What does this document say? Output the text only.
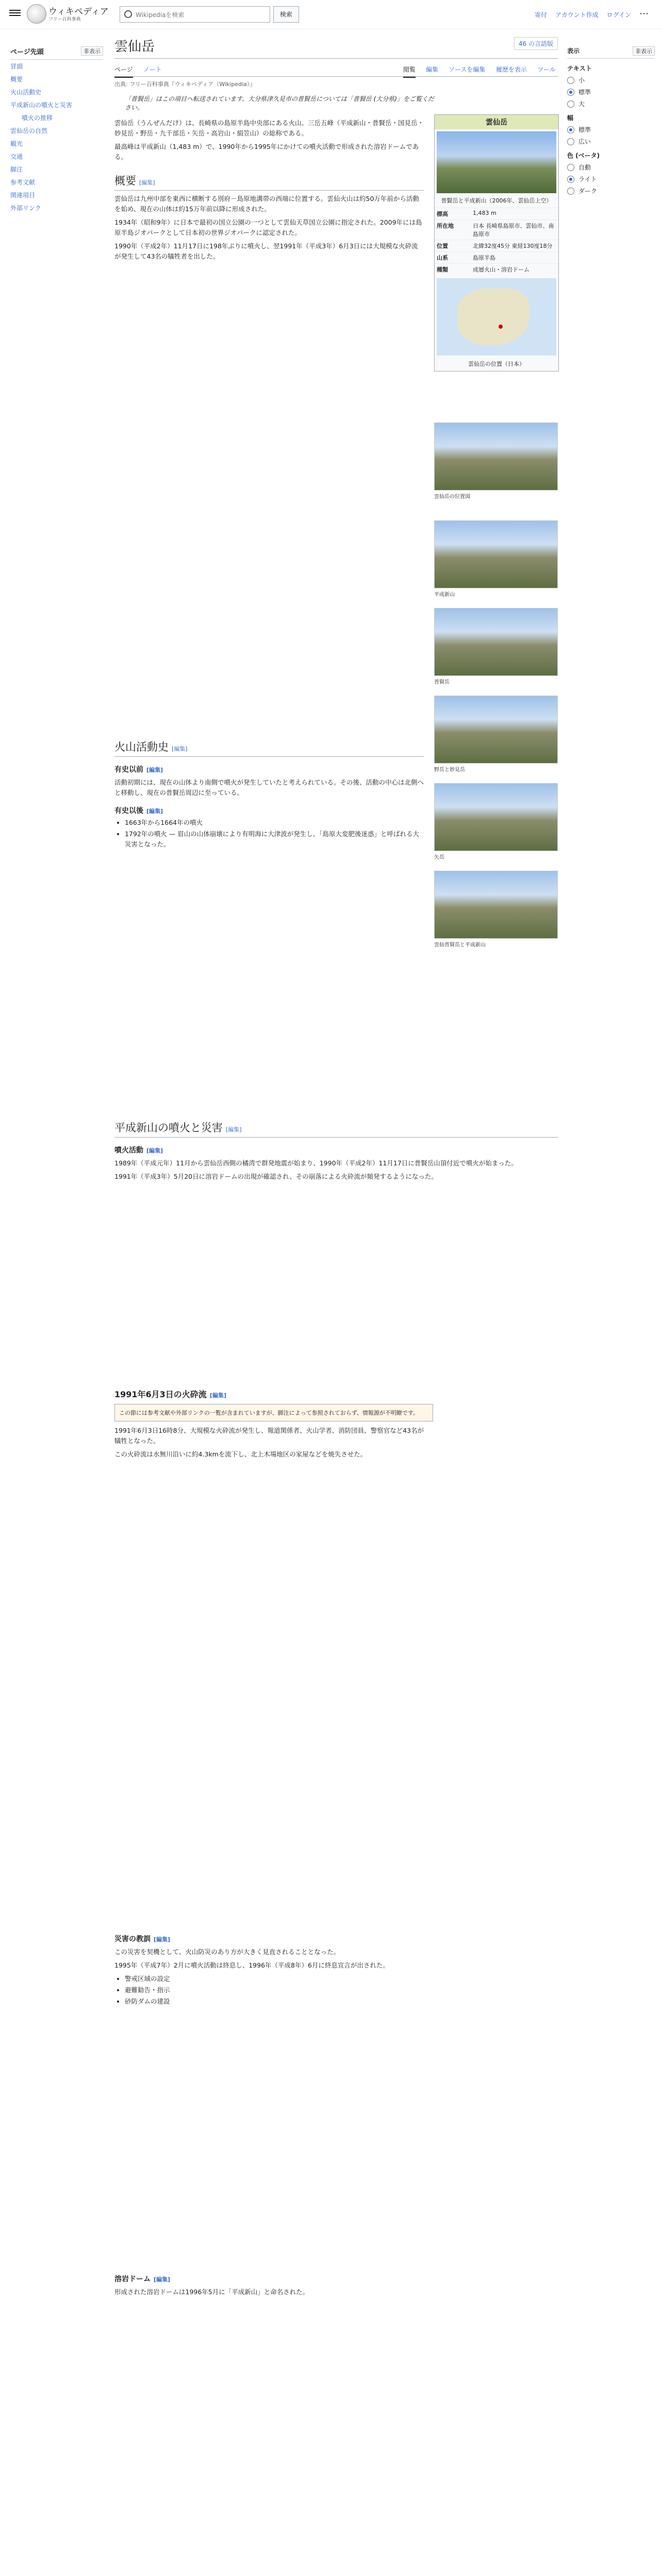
ウィキペディア
フリー百科事典
Wikipediaを検索	検索	寄付 アカウント作成 ログイン ⋯
ページ先頭	非表示
冒頭
概要
火山活動史
平成新山の噴火と災害
噴火の推移
雲仙岳の自然
観光
交通
脚注
参考文献
関連項目
外部リンク
雲仙岳	46 の言語版
ページ ノート	閲覧 編集 ソースを編集 履歴を表示 ツール
出典: フリー百科事典『ウィキペディア（Wikipedia）』
「普賢岳」はこの項目へ転送されています。大分県津久見市の普賢岳については「普賢岳 (大分県)」をご覧ください。

雲仙岳（うんぜんだけ）は、長崎県の島原半島中央部にある火山。三岳五峰（平成新山・普賢岳・国見岳・妙見岳・野岳・九千部岳・矢岳・高岩山・絹笠山）の総称である。

最高峰は平成新山（1,483 m）で、1990年から1995年にかけての噴火活動で形成された溶岩ドームである。

概要 [編集]

雲仙岳は九州中部を東西に横断する別府－島原地溝帯の西端に位置する。雲仙火山は約50万年前から活動を始め、現在の山体は約15万年前以降に形成された。

1934年（昭和9年）に日本で最初の国立公園の一つとして雲仙天草国立公園に指定された。2009年には島原半島ジオパークとして日本初の世界ジオパークに認定された。

1990年（平成2年）11月17日に198年ぶりに噴火し、翌1991年（平成3年）6月3日には大規模な火砕流が発生して43名の犠牲者を出した。

火山活動史 [編集]
有史以前 [編集]

活動初期には、現在の山体より南側で噴火が発生していたと考えられている。その後、活動の中心は北側へと移動し、現在の普賢岳周辺に至っている。

有史以後 [編集]
• 1663年から1664年の噴火
• 1792年の噴火 — 眉山の山体崩壊により有明海に大津波が発生し、「島原大変肥後迷惑」と呼ばれる大災害となった。
平成新山の噴火と災害 [編集]
噴火活動 [編集]

1989年（平成元年）11月から雲仙岳西側の橘湾で群発地震が始まり、1990年（平成2年）11月17日に普賢岳山頂付近で噴火が始まった。

1991年（平成3年）5月20日に溶岩ドームの出現が確認され、その崩落による火砕流が頻発するようになった。

1991年6月3日の火砕流 [編集]
この節には参考文献や外部リンクの一覧が含まれていますが、脚注によって参照されておらず、情報源が不明瞭です。

1991年6月3日16時8分、大規模な火砕流が発生し、報道関係者、火山学者、消防団員、警察官など43名が犠牲となった。

この火砕流は水無川沿いに約4.3kmを流下し、北上木場地区の家屋などを焼失させた。

災害の教訓 [編集]

この災害を契機として、火山防災のあり方が大きく見直されることとなった。

1995年（平成7年）2月に噴火活動は終息し、1996年（平成8年）6月に終息宣言が出された。

• 警戒区域の設定
• 避難勧告・指示
• 砂防ダムの建設
溶岩ドーム [編集]

形成された溶岩ドームは1996年5月に「平成新山」と命名された。

雲仙岳
普賢岳と平成新山（2006年、雲仙岳上空）
標高	1,483 m
所在地	日本 長崎県島原市、雲仙市、南島原市
位置	北緯32度45分 東経130度18分
山系	島原半島
種類	成層火山・溶岩ドーム
雲仙岳の位置（日本）
雲仙岳の位置図
平成新山
普賢岳
野岳と妙見岳
矢岳
雲仙普賢岳と平成新山
表示	非表示
テキスト
小
標準
大
幅
標準
広い
色 (ベータ)
自動
ライト
ダーク
